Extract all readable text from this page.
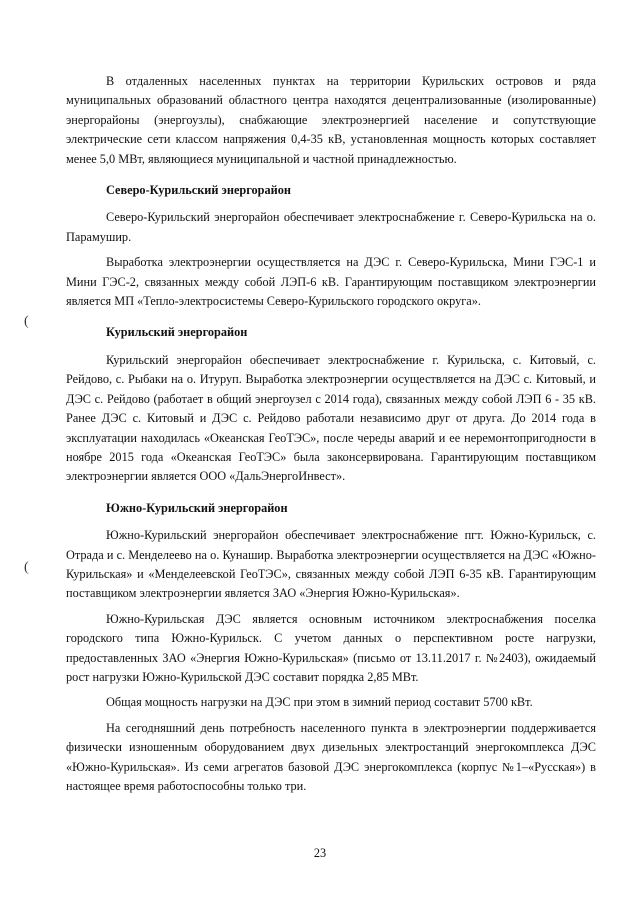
(
(

В отдаленных населенных пунктах на территории Курильских островов и ряда муниципальных образований областного центра находятся децентрализованные (изолированные) энергорайоны (энергоузлы), снабжающие электроэнергией население и сопутствующие электрические сети классом напряжения 0,4-35 кВ, установленная мощность которых составляет менее 5,0 МВт, являющиеся муниципальной и частной принадлежностью.

Северо-Курильский энергорайон

Северо-Курильский энергорайон обеспечивает электроснабжение г. Северо-Курильска на о. Парамушир.

Выработка электроэнергии осуществляется на ДЭС г. Северо-Курильска, Мини ГЭС-1 и Мини ГЭС-2, связанных между собой ЛЭП-6 кВ. Гарантирующим поставщиком электроэнергии является МП «Тепло-электросистемы Северо-Курильского городского округа».

Курильский энергорайон

Курильский энергорайон обеспечивает электроснабжение г. Курильска, с. Китовый, с. Рейдово, с. Рыбаки на о. Итуруп. Выработка электроэнергии осуществляется на ДЭС с. Китовый, и ДЭС с. Рейдово (работает в общий энергоузел с 2014 года), связанных между собой ЛЭП 6 - 35 кВ. Ранее ДЭС с. Китовый и ДЭС с. Рейдово работали независимо друг от друга. До 2014 года в эксплуатации находилась «Океанская ГеоТЭС», после череды аварий и ее неремонтопригодности в ноябре 2015 года «Океанская ГеоТЭС» была законсервирована. Гарантирующим поставщиком электроэнергии является ООО «ДальЭнергоИнвест».

Южно-Курильский энергорайон

Южно-Курильский энергорайон обеспечивает электроснабжение пгт. Южно-Курильск, с. Отрада и с. Менделеево на о. Кунашир. Выработка электроэнергии осуществляется на ДЭС «Южно-Курильская» и «Менделеевской ГеоТЭС», связанных между собой ЛЭП 6-35 кВ. Гарантирующим поставщиком электроэнергии является ЗАО «Энергия Южно-Курильская».

Южно-Курильская ДЭС является основным источником электроснабжения поселка городского типа Южно-Курильск. С учетом данных о перспективном росте нагрузки, предоставленных ЗАО «Энергия Южно-Курильская» (письмо от 13.11.2017 г. №2403), ожидаемый рост нагрузки Южно-Курильской ДЭС составит порядка 2,85 МВт.

Общая мощность нагрузки на ДЭС при этом в зимний период составит 5700 кВт.

На сегодняшний день потребность населенного пункта в электроэнергии поддерживается физически изношенным оборудованием двух дизельных электростанций энергокомплекса ДЭС «Южно-Курильская». Из семи агрегатов базовой ДЭС энергокомплекса (корпус №1–«Русская») в настоящее время работоспособны только три.

23
